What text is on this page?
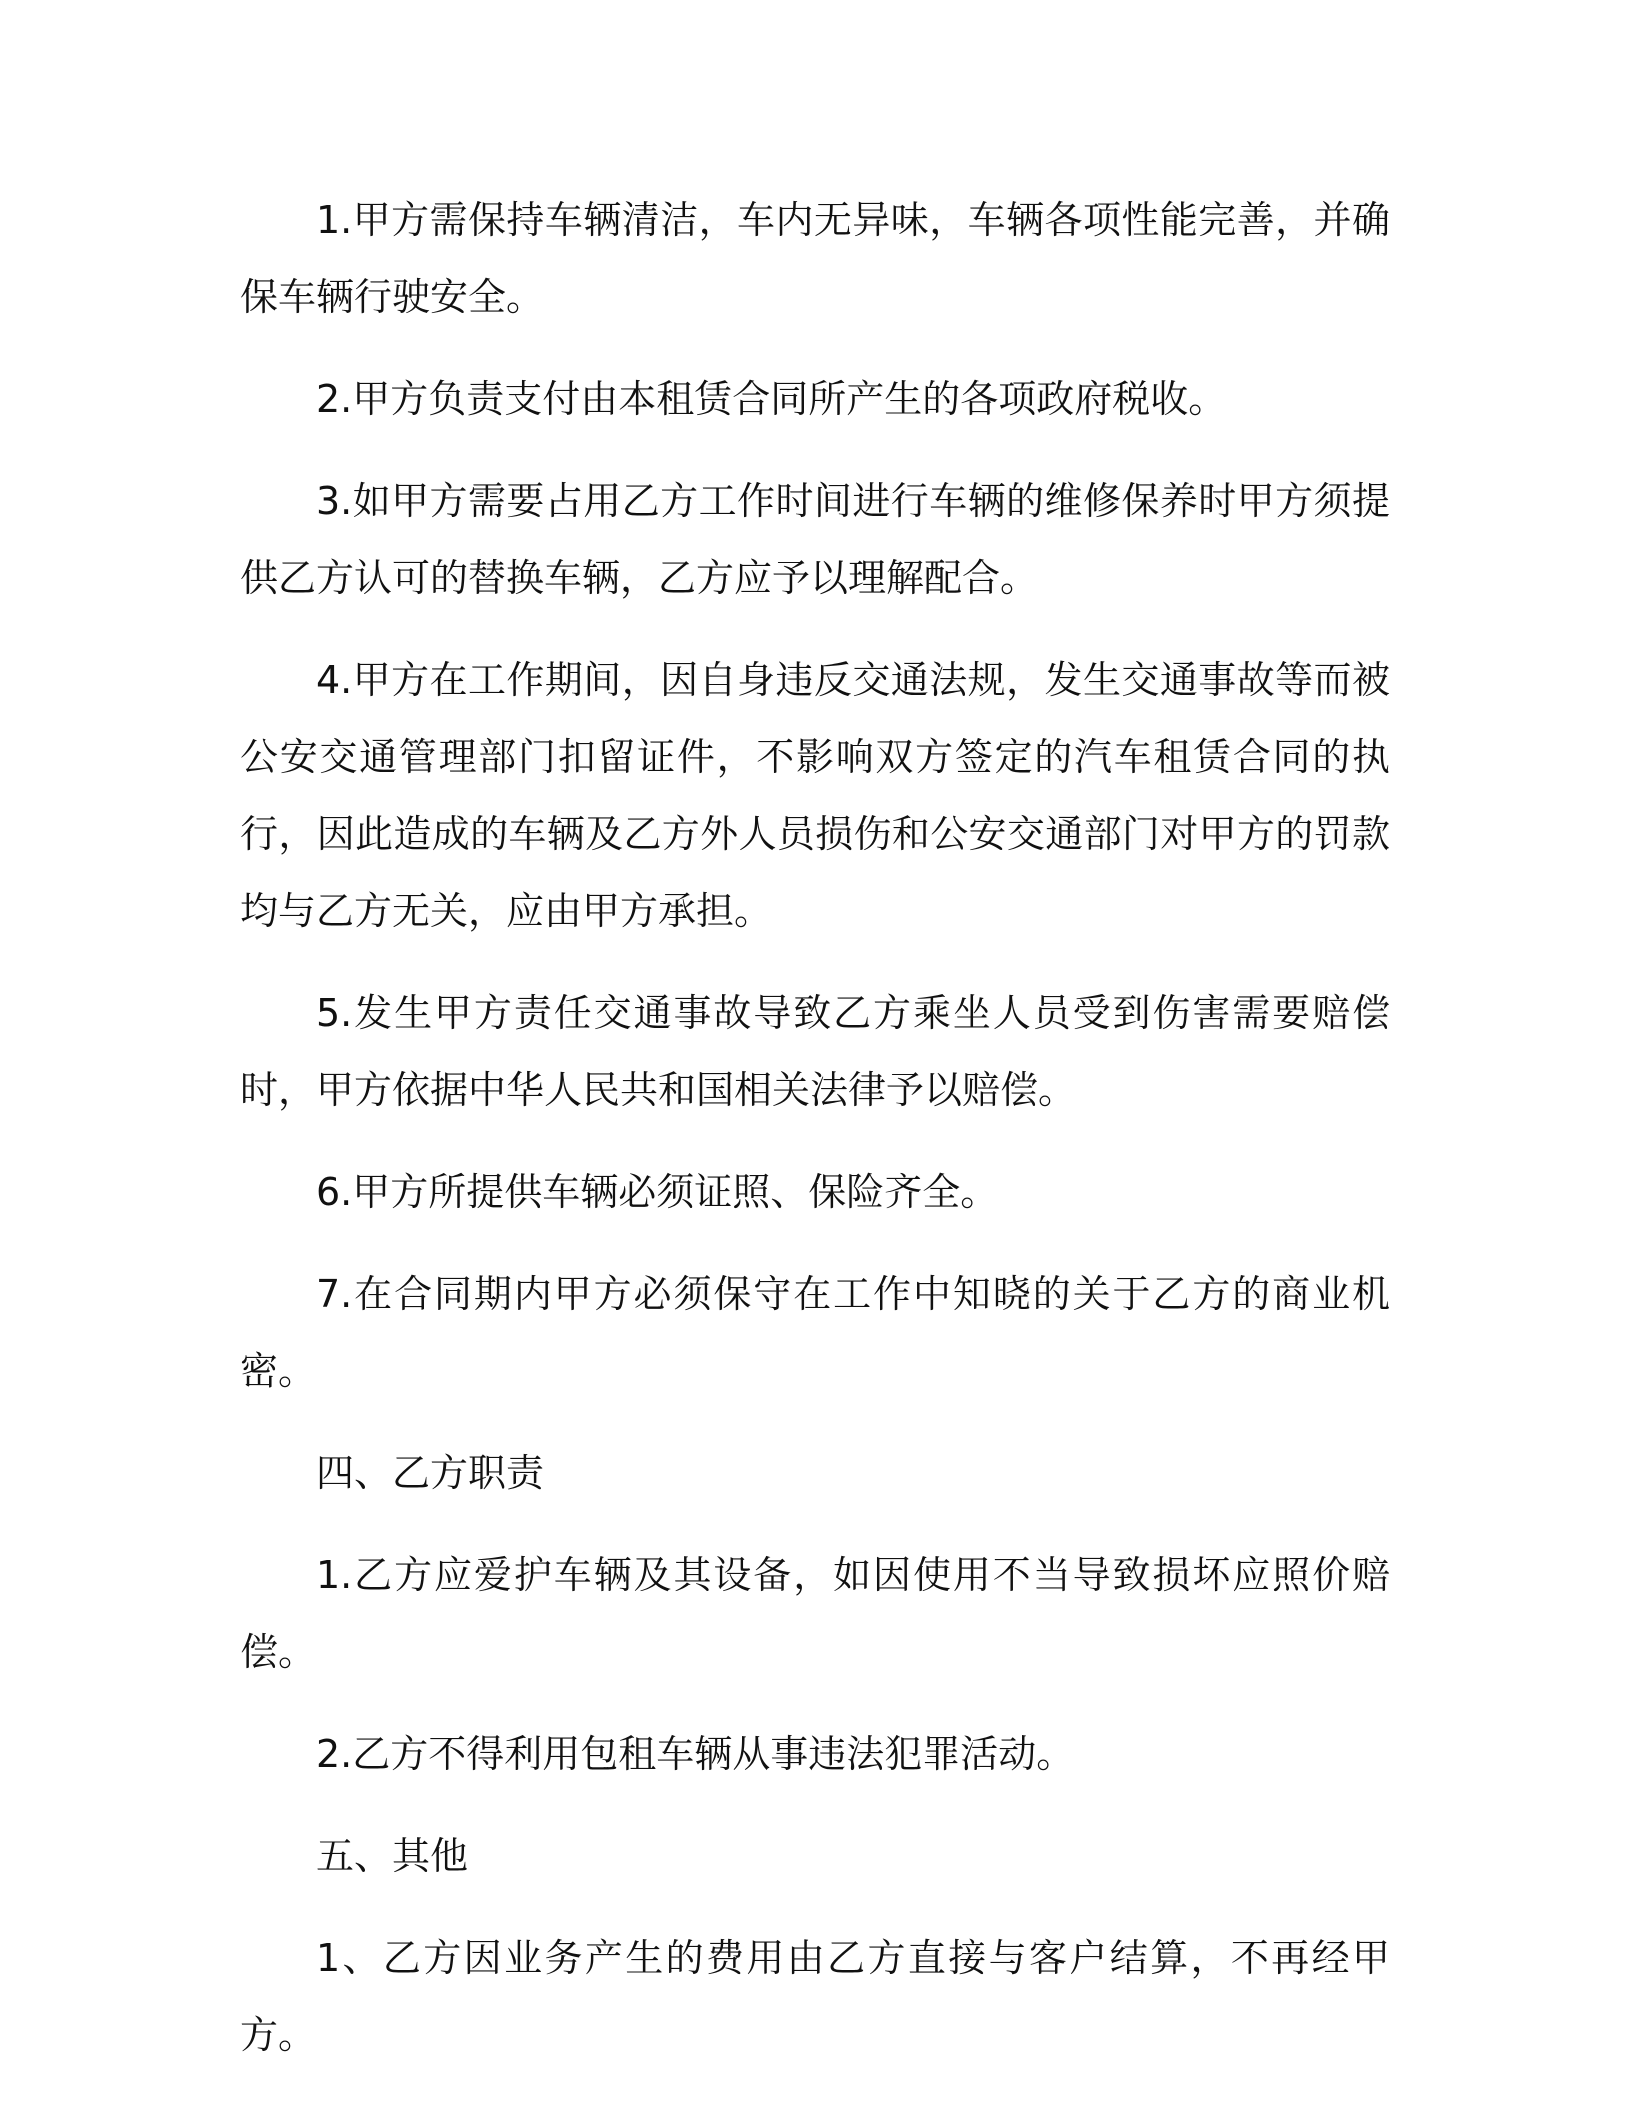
1.甲方需保持车辆清洁，车内无异味，车辆各项性能完善，并确保车辆行驶安全。

2.甲方负责支付由本租赁合同所产生的各项政府税收。

3.如甲方需要占用乙方工作时间进行车辆的维修保养时甲方须提供乙方认可的替换车辆，乙方应予以理解配合。

4.甲方在工作期间，因自身违反交通法规，发生交通事故等而被公安交通管理部门扣留证件，不影响双方签定的汽车租赁合同的执行，因此造成的车辆及乙方外人员损伤和公安交通部门对甲方的罚款均与乙方无关，应由甲方承担。

5.发生甲方责任交通事故导致乙方乘坐人员受到伤害需要赔偿时，甲方依据中华人民共和国相关法律予以赔偿。

6.甲方所提供车辆必须证照、保险齐全。

7.在合同期内甲方必须保守在工作中知晓的关于乙方的商业机密。

四、乙方职责

1.乙方应爱护车辆及其设备，如因使用不当导致损坏应照价赔偿。

2.乙方不得利用包租车辆从事违法犯罪活动。

五、其他

1、乙方因业务产生的费用由乙方直接与客户结算，不再经甲方。
